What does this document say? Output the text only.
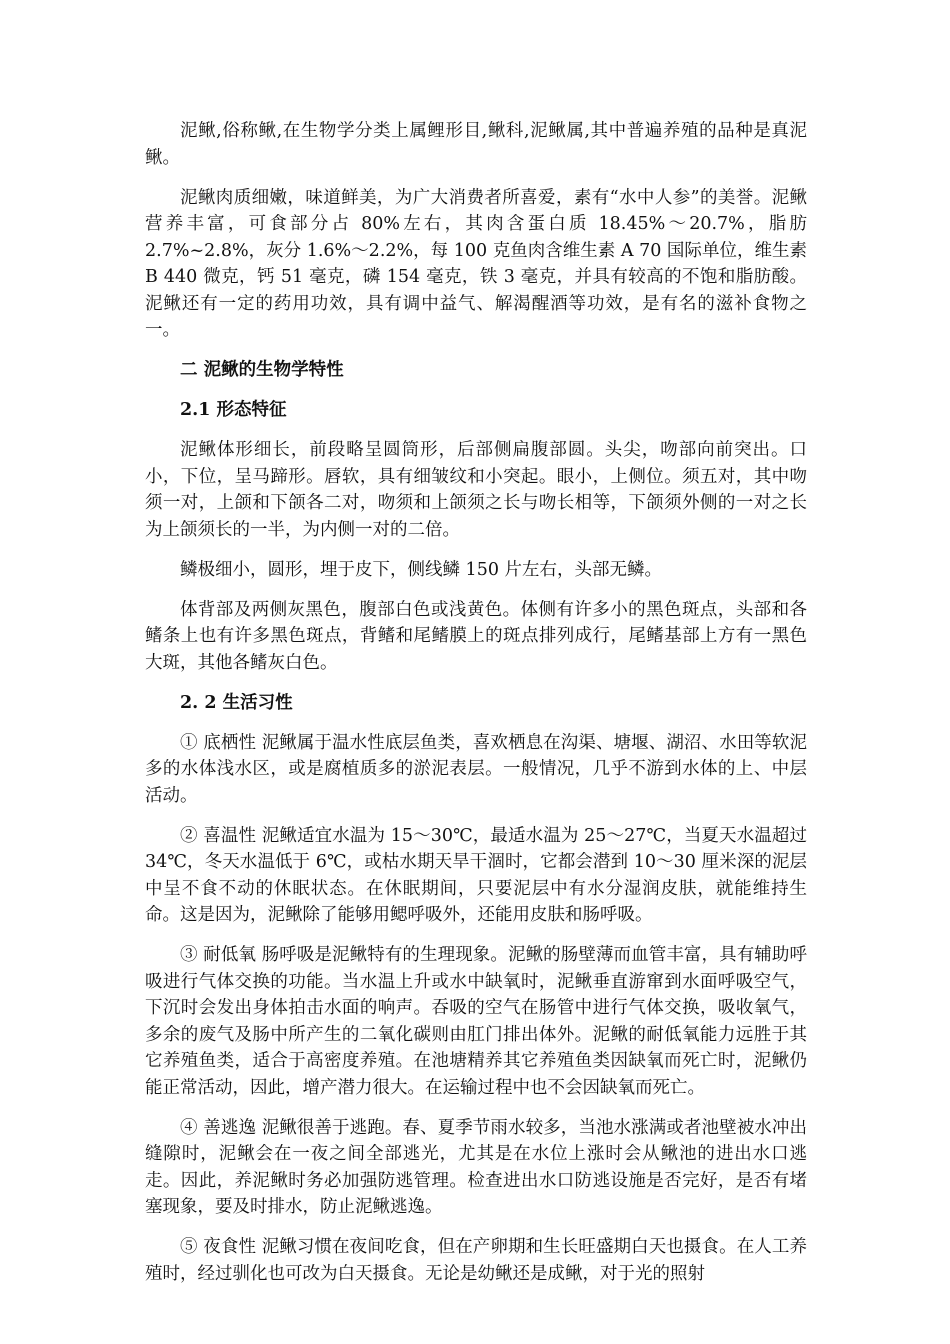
泥鳅,俗称鳅,在生物学分类上属鲤形目,鳅科,泥鳅属,其中普遍养殖的品种是真泥鳅。

泥鳅肉质细嫩，味道鲜美，为广大消费者所喜爱，素有“水中人参”的美誉。泥鳅营养丰富，可食部分占 80%左右，其肉含蛋白质 18.45%～20.7%，脂肪 2.7%~2.8%，灰分 1.6%～2.2%，每 100 克鱼肉含维生素 A 70 国际单位，维生素 B 440 微克，钙 51 毫克，磷 154 毫克，铁 3 毫克，并具有较高的不饱和脂肪酸。泥鳅还有一定的药用功效，具有调中益气、解渴醒酒等功效，是有名的滋补食物之一。

二 泥鳅的生物学特性

2.1 形态特征

泥鳅体形细长，前段略呈圆筒形，后部侧扁腹部圆。头尖，吻部向前突出。口小，下位，呈马蹄形。唇软，具有细皱纹和小突起。眼小，上侧位。须五对，其中吻须一对，上颌和下颌各二对，吻须和上颌须之长与吻长相等，下颌须外侧的一对之长为上颌须长的一半，为内侧一对的二倍。

鳞极细小，圆形，埋于皮下，侧线鳞 150 片左右，头部无鳞。

体背部及两侧灰黑色，腹部白色或浅黄色。体侧有许多小的黑色斑点，头部和各鳍条上也有许多黑色斑点，背鳍和尾鳍膜上的斑点排列成行，尾鳍基部上方有一黑色大斑，其他各鳍灰白色。

2. 2 生活习性

① 底栖性 泥鳅属于温水性底层鱼类，喜欢栖息在沟渠、塘堰、湖沼、水田等软泥多的水体浅水区，或是腐植质多的淤泥表层。一般情况，几乎不游到水体的上、中层活动。

② 喜温性 泥鳅适宜水温为 15～30℃，最适水温为 25～27℃，当夏天水温超过 34℃，冬天水温低于 6℃，或枯水期天旱干涸时，它都会潜到 10～30 厘米深的泥层中呈不食不动的休眠状态。在休眠期间，只要泥层中有水分湿润皮肤，就能维持生命。这是因为，泥鳅除了能够用鳃呼吸外，还能用皮肤和肠呼吸。

③ 耐低氧 肠呼吸是泥鳅特有的生理现象。泥鳅的肠壁薄而血管丰富，具有辅助呼吸进行气体交换的功能。当水温上升或水中缺氧时，泥鳅垂直游窜到水面呼吸空气，下沉时会发出身体拍击水面的响声。吞吸的空气在肠管中进行气体交换，吸收氧气，多余的废气及肠中所产生的二氧化碳则由肛门排出体外。泥鳅的耐低氧能力远胜于其它养殖鱼类，适合于高密度养殖。在池塘精养其它养殖鱼类因缺氧而死亡时，泥鳅仍能正常活动，因此，增产潜力很大。在运输过程中也不会因缺氧而死亡。

④ 善逃逸 泥鳅很善于逃跑。春、夏季节雨水较多，当池水涨满或者池壁被水冲出缝隙时，泥鳅会在一夜之间全部逃光，尤其是在水位上涨时会从鳅池的进出水口逃走。因此，养泥鳅时务必加强防逃管理。检查进出水口防逃设施是否完好，是否有堵塞现象，要及时排水，防止泥鳅逃逸。

⑤ 夜食性 泥鳅习惯在夜间吃食，但在产卵期和生长旺盛期白天也摄食。在人工养殖时，经过驯化也可改为白天摄食。无论是幼鳅还是成鳅，对于光的照射
